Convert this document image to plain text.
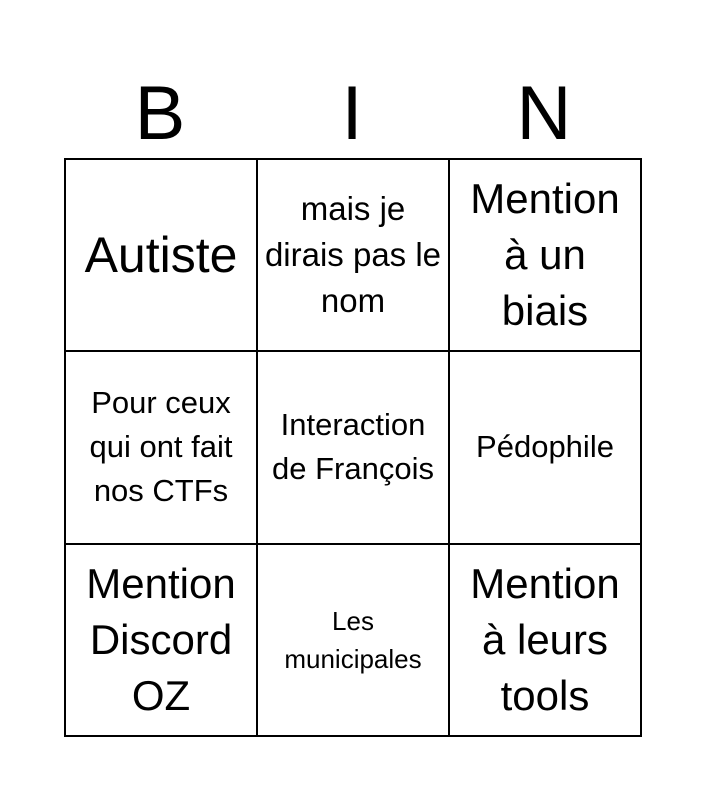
B	I	N
Autiste
mais je dirais pas le nom
Mention à un biais
Pour ceux qui ont fait nos CTFs
Interaction de François
Pédophile
Mention Discord OZ
Les municipales
Mention à leurs tools
